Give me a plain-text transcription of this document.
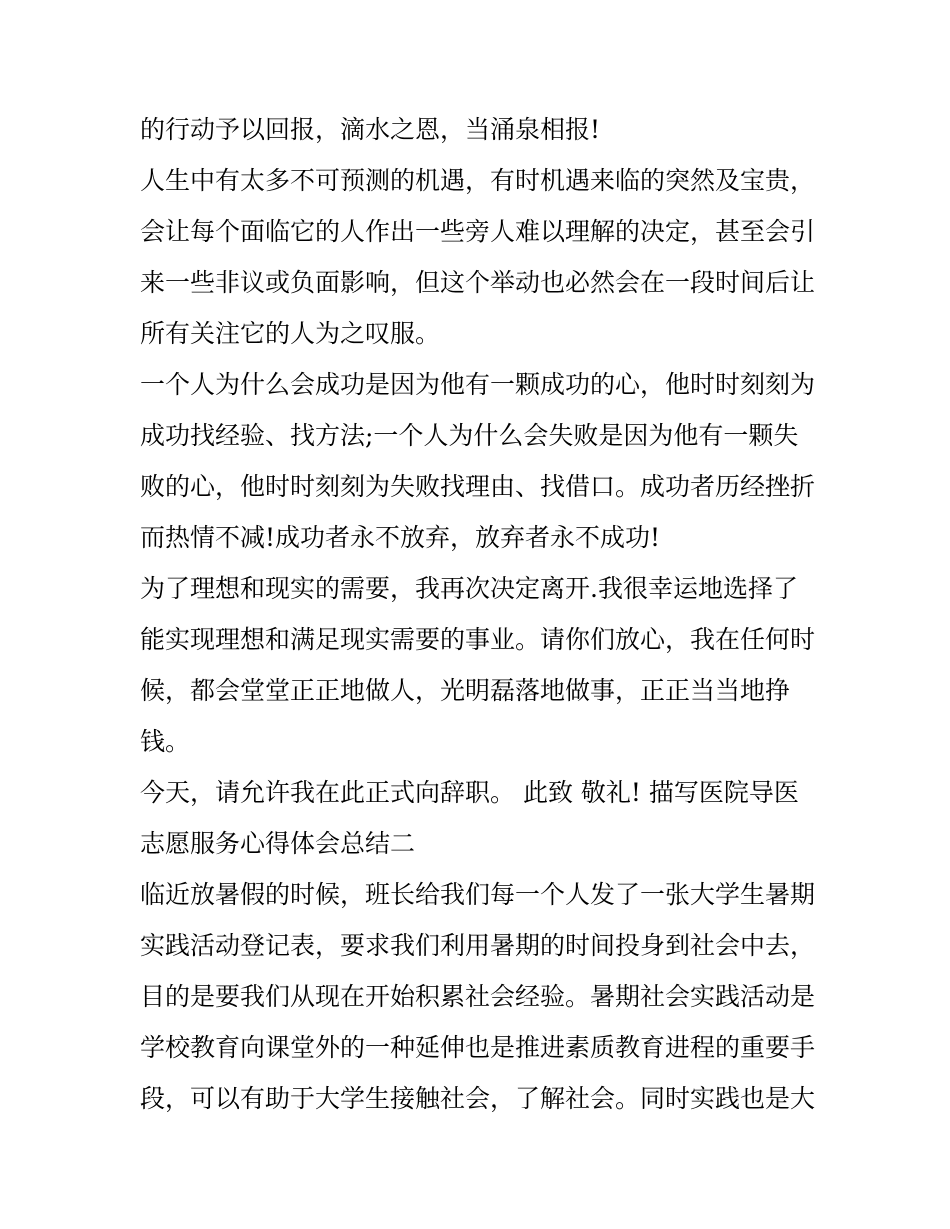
的行动予以回报，滴水之恩，当涌泉相报!
人生中有太多不可预测的机遇，有时机遇来临的突然及宝贵，
会让每个面临它的人作出一些旁人难以理解的决定，甚至会引
来一些非议或负面影响，但这个举动也必然会在一段时间后让
所有关注它的人为之叹服。
一个人为什么会成功是因为他有一颗成功的心，他时时刻刻为
成功找经验、找方法;一个人为什么会失败是因为他有一颗失
败的心，他时时刻刻为失败找理由、找借口。成功者历经挫折
而热情不减!成功者永不放弃，放弃者永不成功!
为了理想和现实的需要，我再次决定离开.我很幸运地选择了
能实现理想和满足现实需要的事业。请你们放心，我在任何时
候，都会堂堂正正地做人，光明磊落地做事，正正当当地挣
钱。
今天，请允许我在此正式向辞职。 此致 敬礼! 描写医院导医
志愿服务心得体会总结二
临近放暑假的时候，班长给我们每一个人发了一张大学生暑期
实践活动登记表，要求我们利用暑期的时间投身到社会中去，
目的是要我们从现在开始积累社会经验。暑期社会实践活动是
学校教育向课堂外的一种延伸也是推进素质教育进程的重要手
段，可以有助于大学生接触社会，了解社会。同时实践也是大
